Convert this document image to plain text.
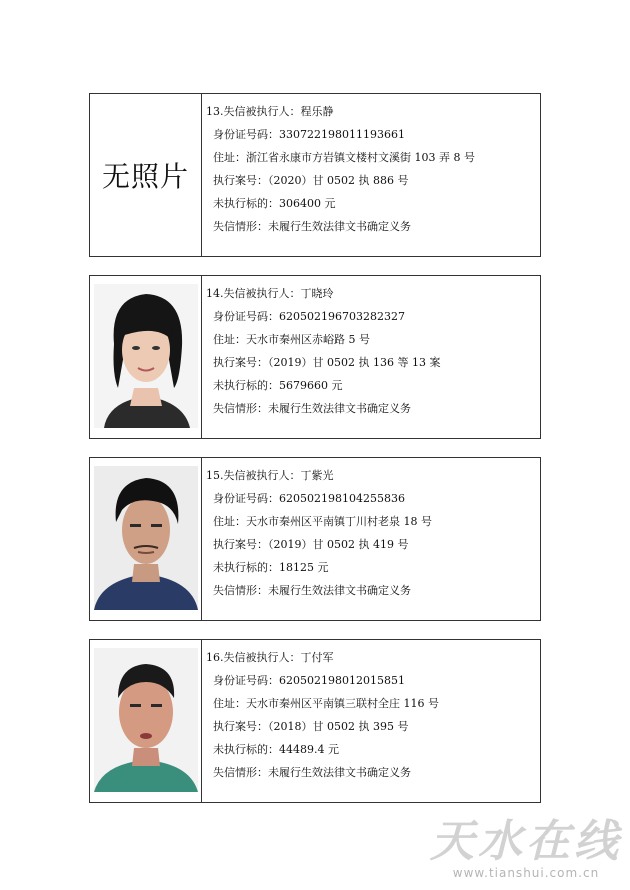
无照片
13.失信被执行人：程乐静
身份证号码：330722198011193661
住址：浙江省永康市方岩镇文楼村文溪街 103 弄 8 号
执行案号：（2020）甘 0502 执 886 号
未执行标的：306400 元
失信情形：未履行生效法律文书确定义务
14.失信被执行人：丁晓玲
身份证号码：620502196703282327
住址：天水市秦州区赤峪路 5 号
执行案号：（2019）甘 0502 执 136 等 13 案
未执行标的：5679660 元
失信情形：未履行生效法律文书确定义务
15.失信被执行人：丁紫光
身份证号码：620502198104255836
住址：天水市秦州区平南镇丁川村老泉 18 号
执行案号：（2019）甘 0502 执 419 号
未执行标的：18125 元
失信情形：未履行生效法律文书确定义务
16.失信被执行人：丁付军
身份证号码：620502198012015851
住址：天水市秦州区平南镇三联村全庄 116 号
执行案号：（2018）甘 0502 执 395 号
未执行标的：44489.4 元
失信情形：未履行生效法律文书确定义务
天水在线
www.tianshui.com.cn
